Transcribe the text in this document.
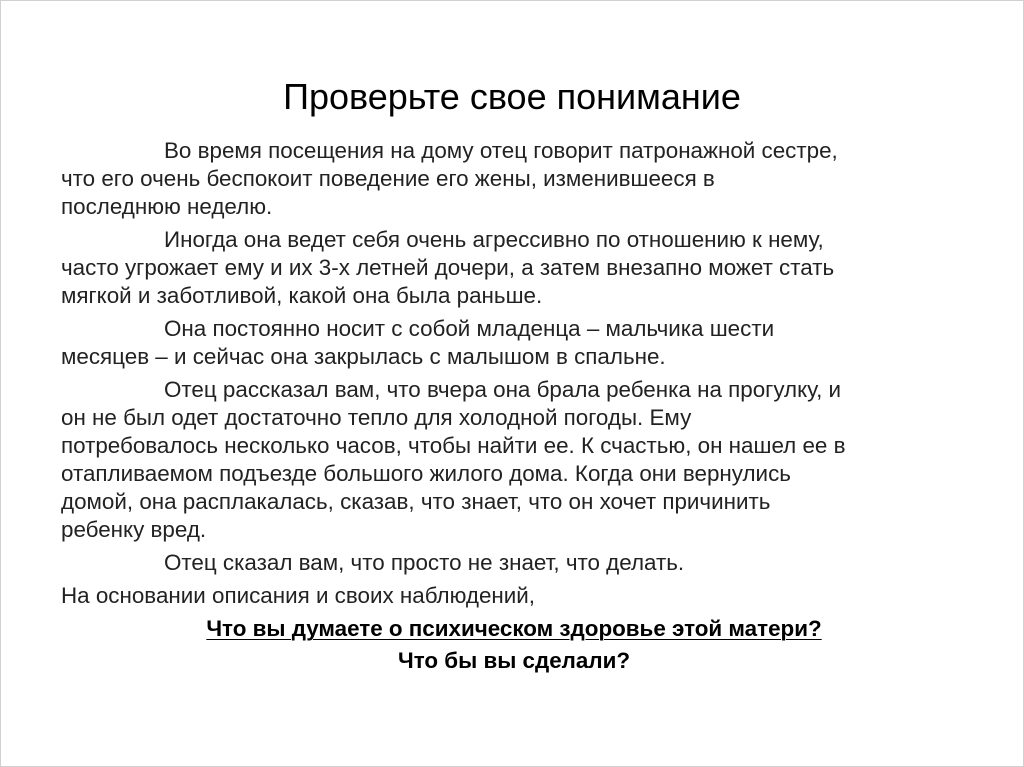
Проверьте свое понимание

Во время посещения на дому отец говорит патронажной сестре,
что его очень беспокоит поведение его жены, изменившееся в
последнюю неделю.

Иногда она ведет себя очень агрессивно по отношению к нему,
часто угрожает ему и их 3-х летней дочери, а затем внезапно может стать
мягкой и заботливой, какой она была раньше.

Она постоянно носит с собой младенца – мальчика шести
месяцев – и сейчас она закрылась с малышом в спальне.

Отец рассказал вам, что вчера она брала ребенка на прогулку, и
он не был одет достаточно тепло для холодной погоды. Ему
потребовалось несколько часов, чтобы найти ее. К счастью, он нашел ее в
отапливаемом подъезде большого жилого дома. Когда они вернулись
домой, она расплакалась, сказав, что знает, что он хочет причинить
ребенку вред.

Отец сказал вам, что просто не знает, что делать.

На основании описания и своих наблюдений,

Что вы думаете о психическом здоровье этой матери?

Что бы вы сделали?
